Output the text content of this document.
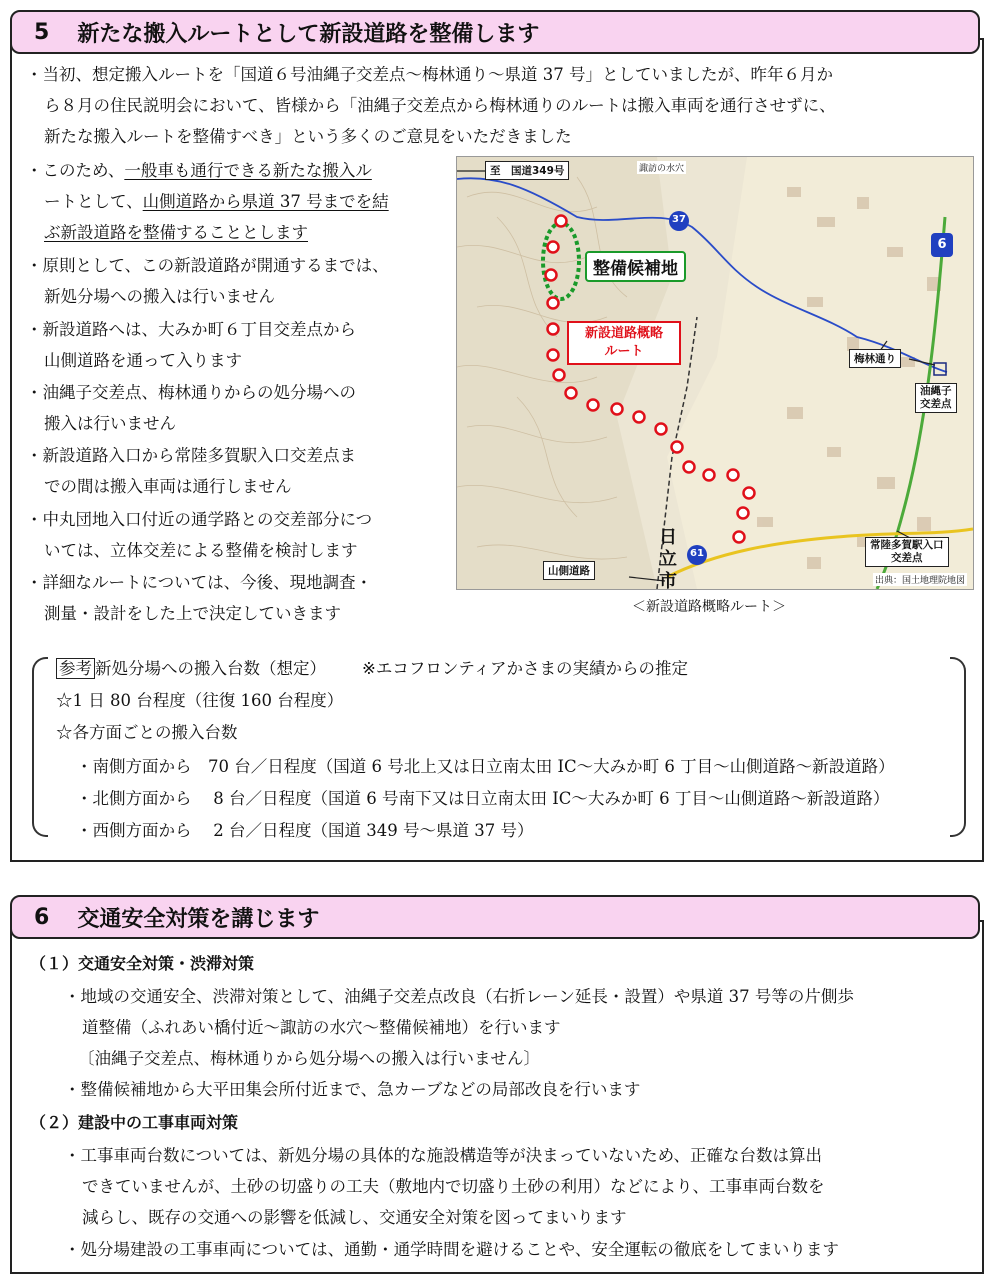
5 新たな搬入ルートとして新設道路を整備します
・当初、想定搬入ルートを「国道６号油縄子交差点～梅林通り～県道 37 号」としていましたが、昨年６月か
ら８月の住民説明会において、皆様から「油縄子交差点から梅林通りのルートは搬入車両を通行させずに、
新たな搬入ルートを整備すべき」という多くのご意見をいただきました
・このため、一般車も通行できる新たな搬入ル
ートとして、山側道路から県道 37 号までを結
ぶ新設道路を整備することとします
・原則として、この新設道路が開通するまでは、
新処分場への搬入は行いません
・新設道路へは、大みか町６丁目交差点から
山側道路を通って入ります
・油縄子交差点、梅林通りからの処分場への
搬入は行いません
・新設道路入口から常陸多賀駅入口交差点ま
での間は搬入車両は通行しません
・中丸団地入口付近の通学路との交差部分につ
いては、立体交差による整備を検討します
・詳細なルートについては、今後、現地調査・
測量・設計をした上で決定していきます
至　国道349号	諏訪の水穴
整備候補地
新設道路概略
ルート	梅林通り
油縄子
交差点
山側道路
日
立
市
常陸多賀駅入口
交差点
出典：国土地理院地図
37
61
6
＜新設道路概略ルート＞
参考 新処分場への搬入台数（想定） ※エコフロンティアかさまの実績からの推定
☆1 日 80 台程度（往復 160 台程度）
☆各方面ごとの搬入台数
・南側方面から　70 台／日程度（国道 6 号北上又は日立南太田 IC～大みか町 6 丁目～山側道路～新設道路）
・北側方面から　 8 台／日程度（国道 6 号南下又は日立南太田 IC～大みか町 6 丁目～山側道路～新設道路）
・西側方面から　 2 台／日程度（国道 349 号～県道 37 号）
6 交通安全対策を講じます
（１）交通安全対策・渋滞対策
・地域の交通安全、渋滞対策として、油縄子交差点改良（右折レーン延長・設置）や県道 37 号等の片側歩
道整備（ふれあい橋付近～諏訪の水穴～整備候補地）を行います
〔油縄子交差点、梅林通りから処分場への搬入は行いません〕
・整備候補地から大平田集会所付近まで、急カーブなどの局部改良を行います
（２）建設中の工事車両対策
・工事車両台数については、新処分場の具体的な施設構造等が決まっていないため、正確な台数は算出
できていませんが、土砂の切盛りの工夫（敷地内で切盛り土砂の利用）などにより、工事車両台数を
減らし、既存の交通への影響を低減し、交通安全対策を図ってまいります
・処分場建設の工事車両については、通勤・通学時間を避けることや、安全運転の徹底をしてまいります
